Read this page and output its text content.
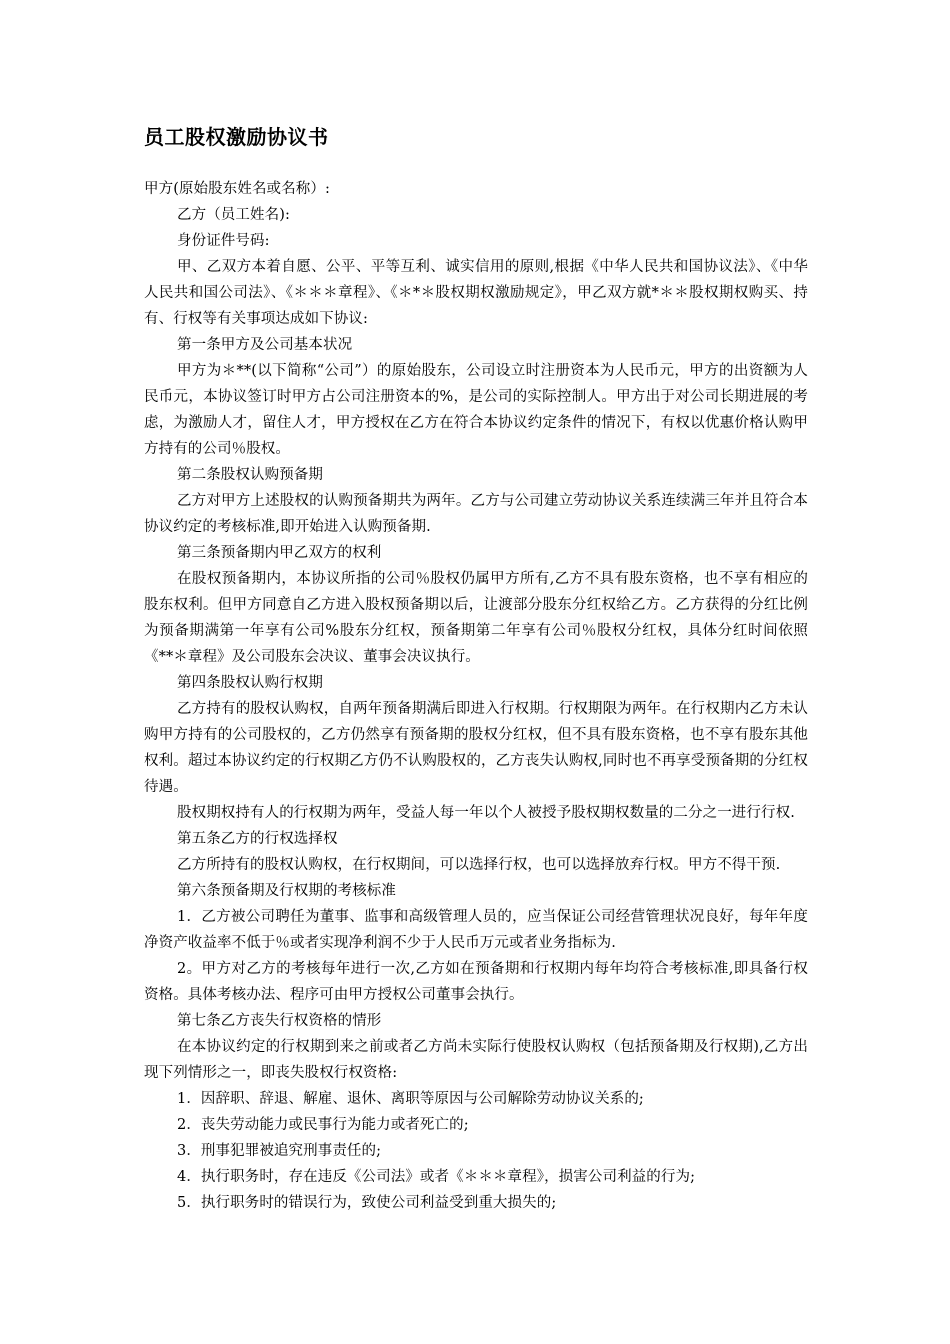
员工股权激励协议书

甲方(原始股东姓名或名称）:

乙方（员工姓名):

身份证件号码:

甲、乙双方本着自愿、公平、平等互利、诚实信用的原则,根据《中华人民共和国协议法》、《中华人民共和国公司法》、《＊＊＊章程》、《＊*＊股权期权激励规定》，甲乙双方就*＊＊股权期权购买、持有、行权等有关事项达成如下协议:

第一条甲方及公司基本状况

甲方为＊**(以下简称“公司”）的原始股东，公司设立时注册资本为人民币元，甲方的出资额为人民币元，本协议签订时甲方占公司注册资本的%，是公司的实际控制人。甲方出于对公司长期进展的考虑，为激励人才，留住人才，甲方授权在乙方在符合本协议约定条件的情况下，有权以优惠价格认购甲方持有的公司％股权。

第二条股权认购预备期

乙方对甲方上述股权的认购预备期共为两年。乙方与公司建立劳动协议关系连续满三年并且符合本协议约定的考核标准,即开始进入认购预备期.

第三条预备期内甲乙双方的权利

在股权预备期内，本协议所指的公司％股权仍属甲方所有,乙方不具有股东资格，也不享有相应的股东权利。但甲方同意自乙方进入股权预备期以后，让渡部分股东分红权给乙方。乙方获得的分红比例为预备期满第一年享有公司%股东分红权，预备期第二年享有公司％股权分红权，具体分红时间依照《**＊章程》及公司股东会决议、董事会决议执行。

第四条股权认购行权期

乙方持有的股权认购权，自两年预备期满后即进入行权期。行权期限为两年。在行权期内乙方未认购甲方持有的公司股权的，乙方仍然享有预备期的股权分红权，但不具有股东资格，也不享有股东其他权利。超过本协议约定的行权期乙方仍不认购股权的，乙方丧失认购权,同时也不再享受预备期的分红权待遇。

股权期权持有人的行权期为两年，受益人每一年以个人被授予股权期权数量的二分之一进行行权.

第五条乙方的行权选择权

乙方所持有的股权认购权，在行权期间，可以选择行权，也可以选择放弃行权。甲方不得干预.

第六条预备期及行权期的考核标准

1．乙方被公司聘任为董事、监事和高级管理人员的，应当保证公司经营管理状况良好，每年年度净资产收益率不低于％或者实现净利润不少于人民币万元或者业务指标为.

2。甲方对乙方的考核每年进行一次,乙方如在预备期和行权期内每年均符合考核标准,即具备行权资格。具体考核办法、程序可由甲方授权公司董事会执行。

第七条乙方丧失行权资格的情形

在本协议约定的行权期到来之前或者乙方尚未实际行使股权认购权（包括预备期及行权期),乙方出现下列情形之一，即丧失股权行权资格:

1．因辞职、辞退、解雇、退休、离职等原因与公司解除劳动协议关系的;

2．丧失劳动能力或民事行为能力或者死亡的;

3．刑事犯罪被追究刑事责任的;

4．执行职务时，存在违反《公司法》或者《＊＊＊章程》，损害公司利益的行为;

5．执行职务时的错误行为，致使公司利益受到重大损失的;
